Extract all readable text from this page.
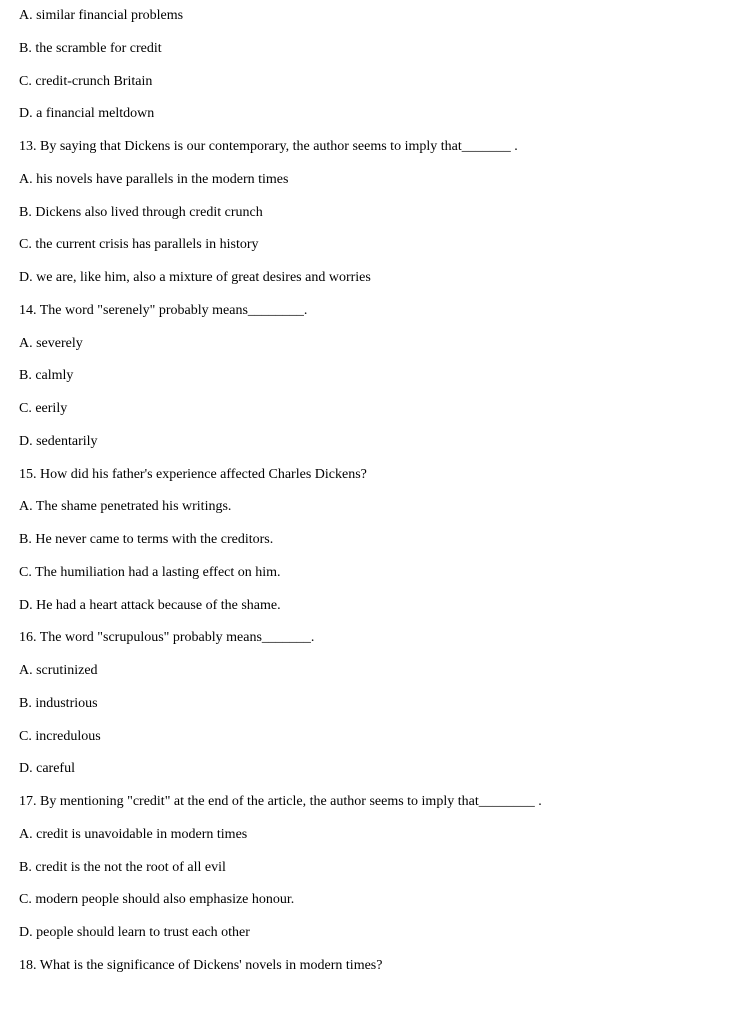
A. similar financial problems
B. the scramble for credit
C. credit-crunch Britain
D. a financial meltdown
13. By saying that Dickens is our contemporary, the author seems to imply that_______ .
A. his novels have parallels in the modern times
B. Dickens also lived through credit crunch
C. the current crisis has parallels in history
D. we are, like him, also a mixture of great desires and worries
14. The word "serenely" probably means________.
A. severely
B. calmly
C. eerily
D. sedentarily
15. How did his father's experience affected Charles Dickens?
A. The shame penetrated his writings.
B. He never came to terms with the creditors.
C. The humiliation had a lasting effect on him.
D. He had a heart attack because of the shame.
16. The word "scrupulous" probably means_______.
A. scrutinized
B. industrious
C. incredulous
D. careful
17. By mentioning "credit" at the end of the article, the author seems to imply that________ .
A. credit is unavoidable in modern times
B. credit is the not the root of all evil
C. modern people should also emphasize honour.
D. people should learn to trust each other
18. What is the significance of Dickens' novels in modern times?
